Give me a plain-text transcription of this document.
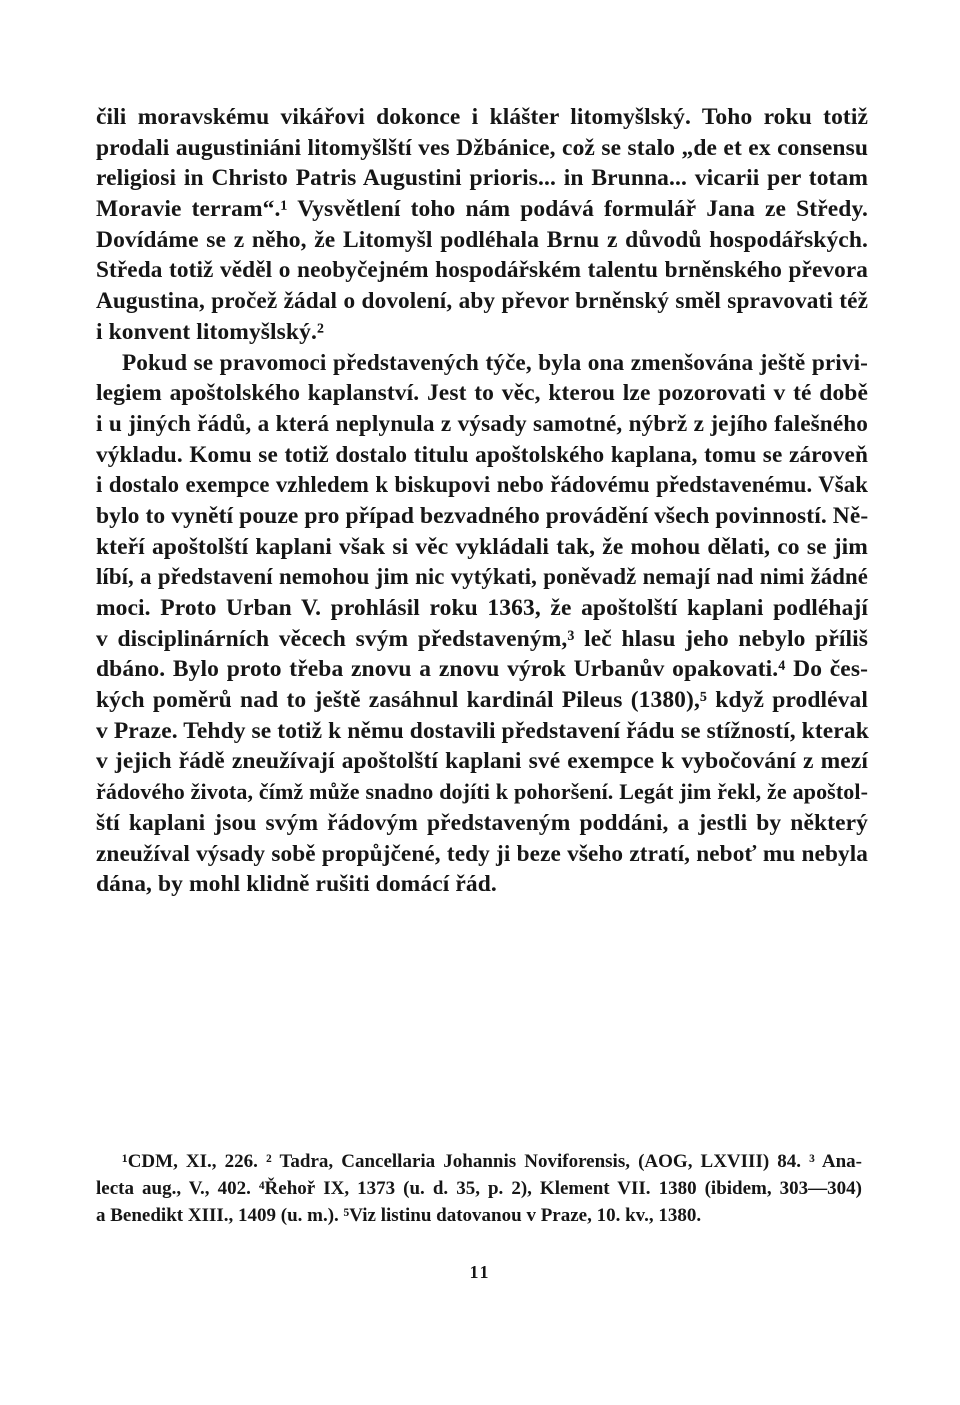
čili moravskému vikářovi dokonce i klášter litomyšlský. Toho roku totiž
prodali augustiniáni litomyšlští ves Džbánice, což se stalo „de et ex consensu
religiosi in Christo Patris Augustini prioris... in Brunna... vicarii per totam
Moravie terram“.¹ Vysvětlení toho nám podává formulář Jana ze Středy.
Dovídáme se z něho, že Litomyšl podléhala Brnu z důvodů hospodářských.
Středa totiž věděl o neobyčejném hospodářském talentu brněnského převora
Augustina, pročež žádal o dovolení, aby převor brněnský směl spravovati též
i konvent litomyšlský.²
Pokud se pravomoci představených týče, byla ona zmenšována ještě privi-
legiem apoštolského kaplanství. Jest to věc, kterou lze pozorovati v té době
i u jiných řádů, a která neplynula z výsady samotné, nýbrž z jejího falešného
výkladu. Komu se totiž dostalo titulu apoštolského kaplana, tomu se zároveň
i dostalo exempce vzhledem k biskupovi nebo řádovému představenému. Však
bylo to vynětí pouze pro případ bezvadného provádění všech povinností. Ně-
kteří apoštolští kaplani však si věc vykládali tak, že mohou dělati, co se jim
líbí, a představení nemohou jim nic vytýkati, poněvadž nemají nad nimi žádné
moci. Proto Urban V. prohlásil roku 1363, že apoštolští kaplani podléhají
v disciplinárních věcech svým představeným,³ leč hlasu jeho nebylo příliš
dbáno. Bylo proto třeba znovu a znovu výrok Urbanův opakovati.⁴ Do čes-
kých poměrů nad to ještě zasáhnul kardinál Pileus (1380),⁵ když prodléval
v Praze. Tehdy se totiž k němu dostavili představení řádu se stížností, kterak
v jejich řádě zneužívají apoštolští kaplani své exempce k vybočování z mezí
řádového života, čímž může snadno dojíti k pohoršení. Legát jim řekl, že apoštol-
ští kaplani jsou svým řádovým představeným poddáni, a jestli by některý
zneužíval výsady sobě propůjčené, tedy ji beze všeho ztratí, neboť mu nebyla
dána, by mohl klidně rušiti domácí řád.
¹CDM, XI., 226. ² Tadra, Cancellaria Johannis Noviforensis, (AOG, LXVIII) 84. ³ Ana-
lecta aug., V., 402. ⁴Řehoř IX, 1373 (u. d. 35, p. 2), Klement VII. 1380 (ibidem, 303—304)
a Benedikt XIII., 1409 (u. m.). ⁵Viz listinu datovanou v Praze, 10. kv., 1380.
11
